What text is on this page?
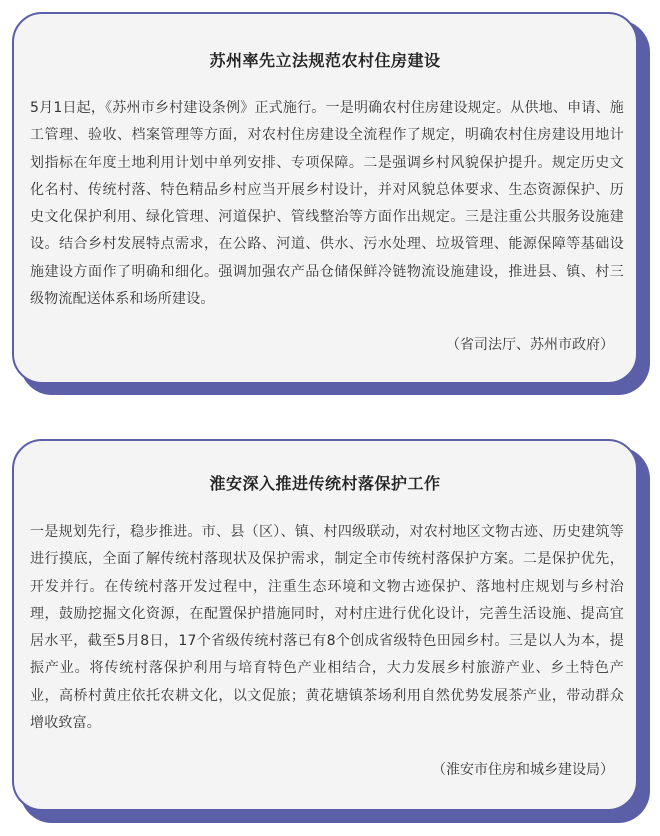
苏州率先立法规范农村住房建设
5月1日起，《苏州市乡村建设条例》正式施行。一是明确农村住房建设规定。从供地、申请、施工管理、验收、档案管理等方面，对农村住房建设全流程作了规定，明确农村住房建设用地计划指标在年度土地利用计划中单列安排、专项保障。二是强调乡村风貌保护提升。规定历史文化名村、传统村落、特色精品乡村应当开展乡村设计，并对风貌总体要求、生态资源保护、历史文化保护利用、绿化管理、河道保护、管线整治等方面作出规定。三是注重公共服务设施建设。结合乡村发展特点需求，在公路、河道、供水、污水处理、垃圾管理、能源保障等基础设施建设方面作了明确和细化。强调加强农产品仓储保鲜冷链物流设施建设，推进县、镇、村三级物流配送体系和场所建设。
（省司法厅、苏州市政府）
淮安深入推进传统村落保护工作
一是规划先行，稳步推进。市、县（区）、镇、村四级联动，对农村地区文物古迹、历史建筑等进行摸底，全面了解传统村落现状及保护需求，制定全市传统村落保护方案。二是保护优先，开发并行。在传统村落开发过程中，注重生态环境和文物古迹保护、落地村庄规划与乡村治理，鼓励挖掘文化资源，在配置保护措施同时，对村庄进行优化设计，完善生活设施、提高宜居水平，截至5月8日，17个省级传统村落已有8个创成省级特色田园乡村。三是以人为本，提振产业。将传统村落保护利用与培育特色产业相结合，大力发展乡村旅游产业、乡土特色产业，高桥村黄庄依托农耕文化，以文促旅；黄花塘镇茶场利用自然优势发展茶产业，带动群众增收致富。
（淮安市住房和城乡建设局）
